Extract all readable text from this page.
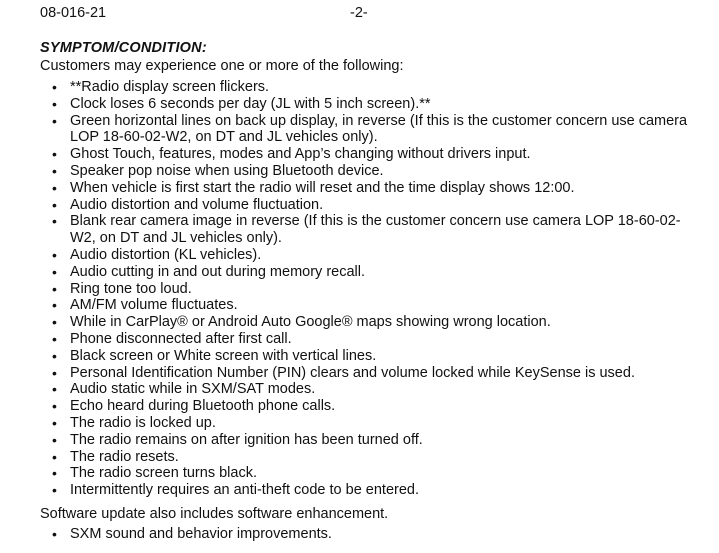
08-016-21	-2-
SYMPTOM/CONDITION:
Customers may experience one or more of the following:
• **Radio display screen flickers.
• Clock loses 6 seconds per day (JL with 5 inch screen).**
• Green horizontal lines on back up display, in reverse (If this is the customer concern use camera LOP 18-60-02-W2, on DT and JL vehicles only).
• Ghost Touch, features, modes and App’s changing without drivers input.
• Speaker pop noise when using Bluetooth device.
• When vehicle is first start the radio will reset and the time display shows 12:00.
• Audio distortion and volume fluctuation.
• Blank rear camera image in reverse (If this is the customer concern use camera LOP 18-60-02-W2, on DT and JL vehicles only).
• Audio distortion (KL vehicles).
• Audio cutting in and out during memory recall.
• Ring tone too loud.
• AM/FM volume fluctuates.
• While in CarPlay® or Android Auto Google® maps showing wrong location.
• Phone disconnected after first call.
• Black screen or White screen with vertical lines.
• Personal Identification Number (PIN) clears and volume locked while KeySense is used.
• Audio static while in SXM/SAT modes.
• Echo heard during Bluetooth phone calls.
• The radio is locked up.
• The radio remains on after ignition has been turned off.
• The radio resets.
• The radio screen turns black.
• Intermittently requires an anti-theft code to be entered.
Software update also includes software enhancement.
• SXM sound and behavior improvements.
